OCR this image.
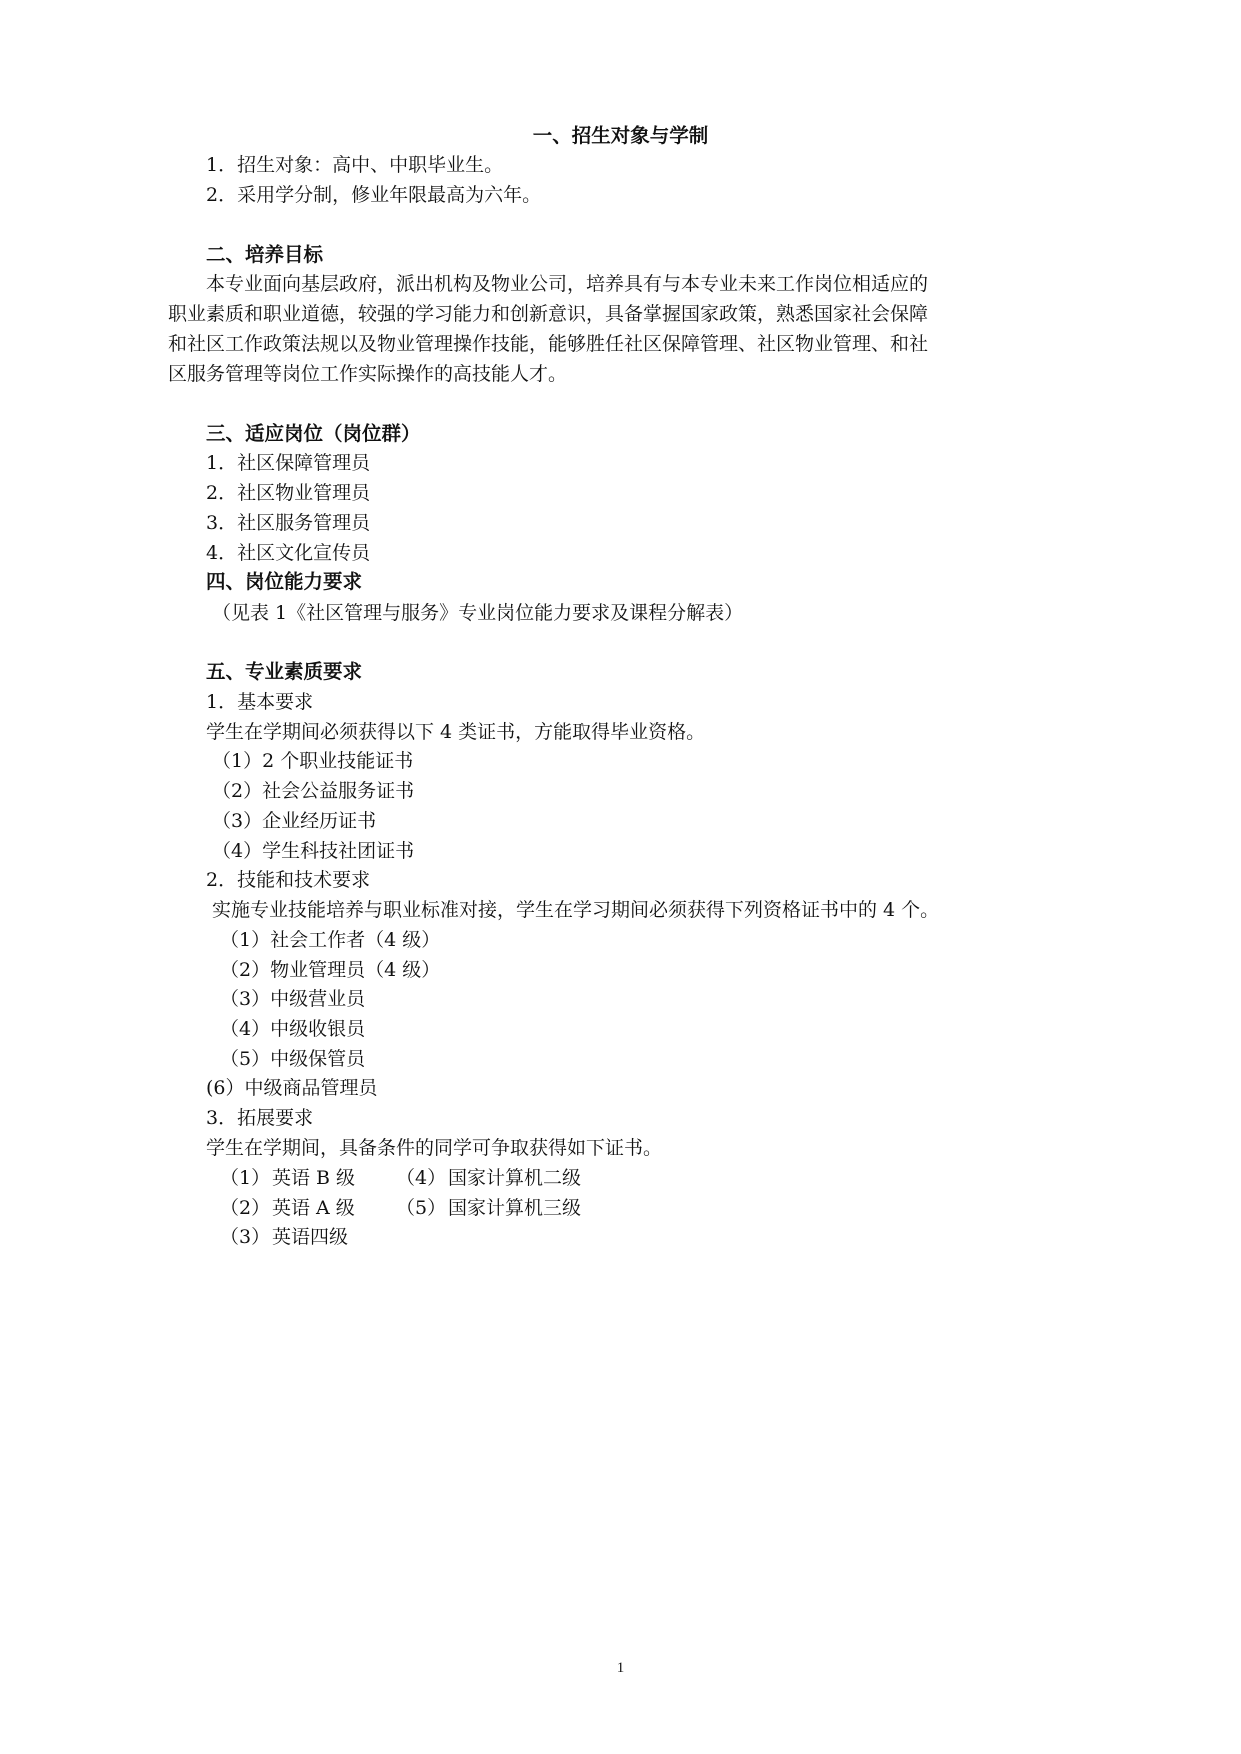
一、招生对象与学制
1．招生对象：高中、中职毕业生。
2．采用学分制，修业年限最高为六年。
二、培养目标
本专业面向基层政府，派出机构及物业公司，培养具有与本专业未来工作岗位相适应的
职业素质和职业道德，较强的学习能力和创新意识，具备掌握国家政策，熟悉国家社会保障
和社区工作政策法规以及物业管理操作技能，能够胜任社区保障管理、社区物业管理、和社
区服务管理等岗位工作实际操作的高技能人才。
三、适应岗位（岗位群）
1．社区保障管理员
2．社区物业管理员
3．社区服务管理员
4．社区文化宣传员
四、岗位能力要求
（见表 1《社区管理与服务》专业岗位能力要求及课程分解表）
五、专业素质要求
1．基本要求
学生在学期间必须获得以下 4 类证书，方能取得毕业资格。
（1）2 个职业技能证书
（2）社会公益服务证书
（3）企业经历证书
（4）学生科技社团证书
2．技能和技术要求
实施专业技能培养与职业标准对接，学生在学习期间必须获得下列资格证书中的 4 个。
（1）社会工作者（4 级）
（2）物业管理员（4 级）
（3）中级营业员
（4）中级收银员
（5）中级保管员
(6）中级商品管理员
3．拓展要求
学生在学期间，具备条件的同学可争取获得如下证书。
（1） 英语 B 级 （4） 国家计算机二级
（2） 英语 A 级 （5） 国家计算机三级
（3） 英语四级
1
